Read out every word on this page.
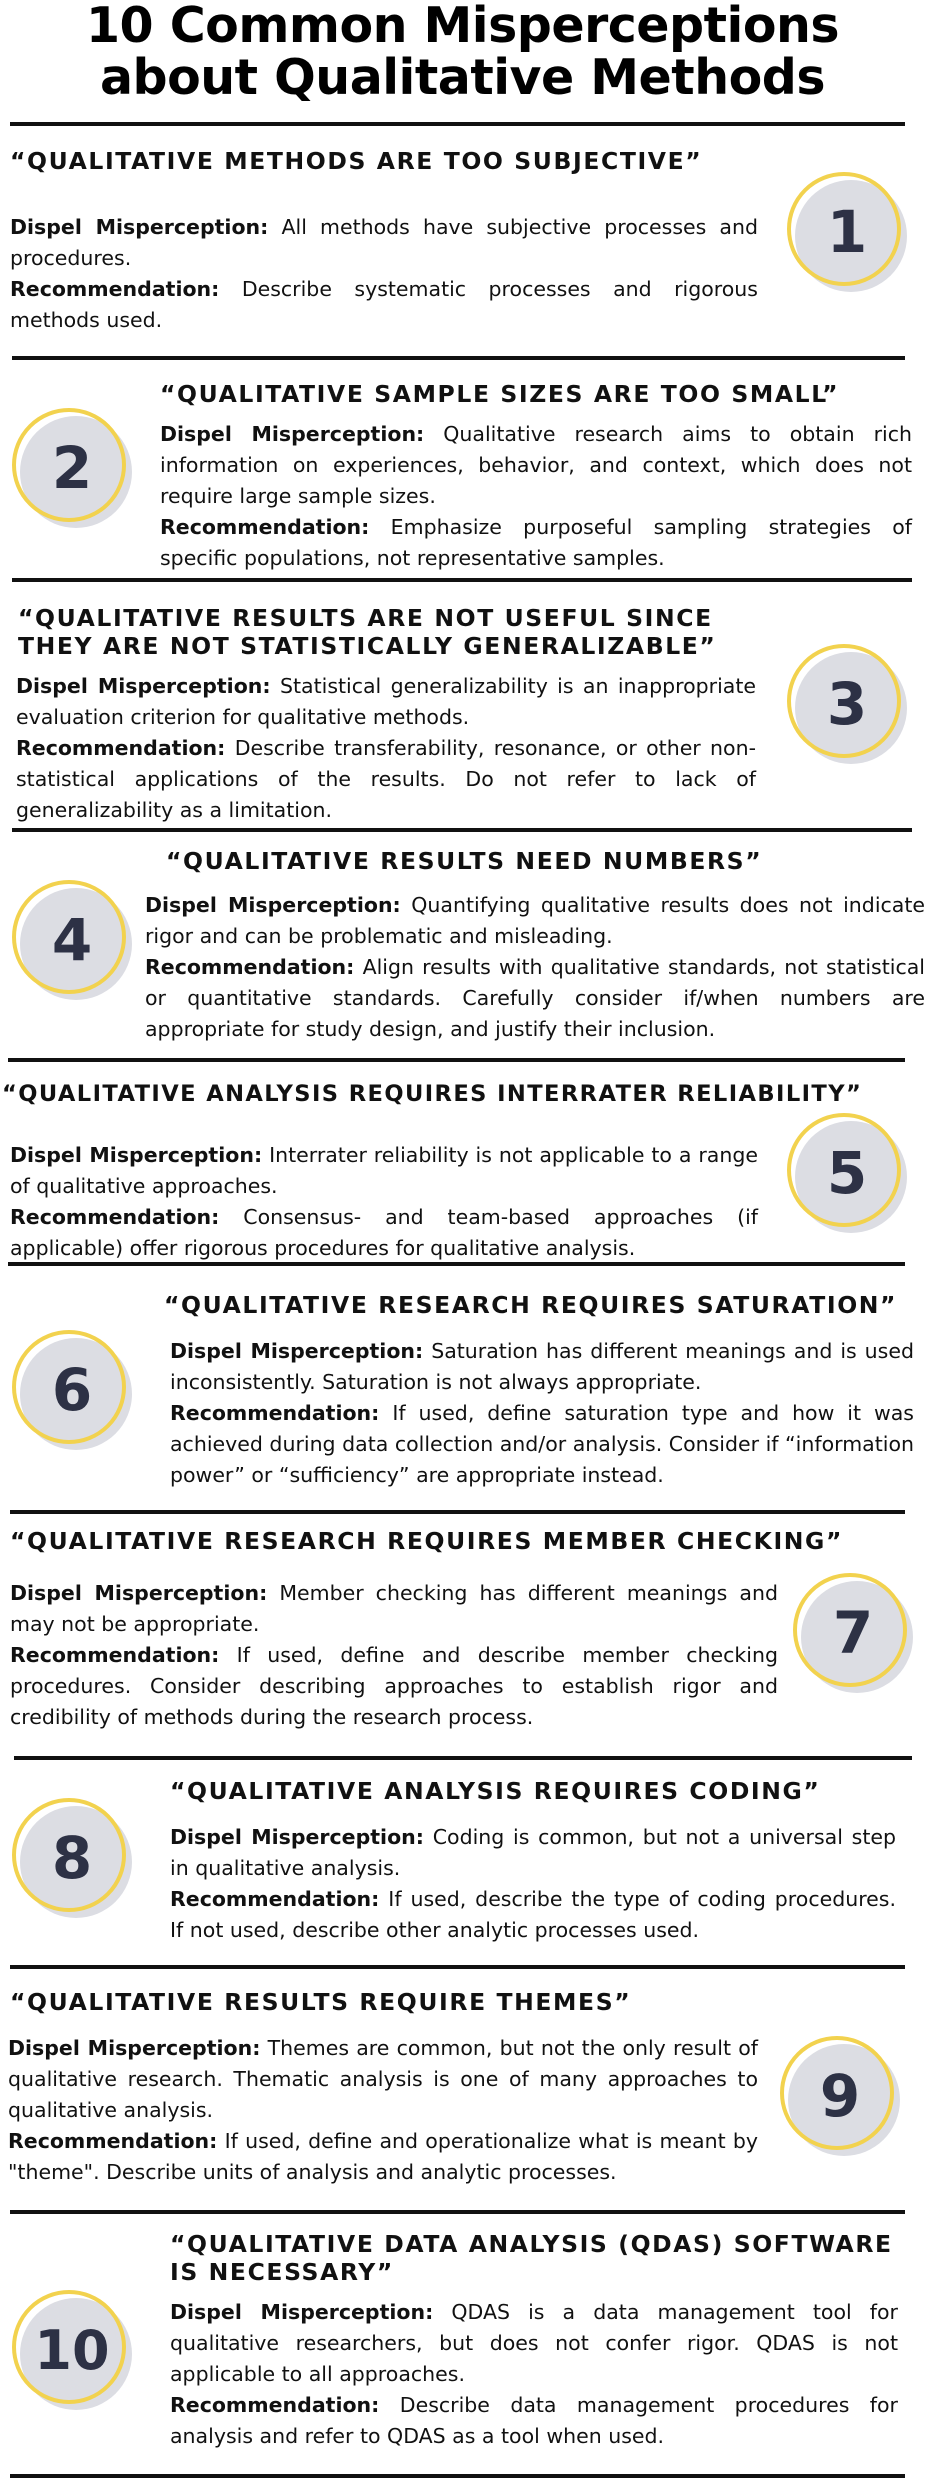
10 Common Misperceptions
about Qualitative Methods
“QUALITATIVE METHODS ARE TOO SUBJECTIVE”

Dispel Misperception: All methods have subjective processes and procedures.

Recommendation: Describe systematic processes and rigorous methods used.

1
“QUALITATIVE SAMPLE SIZES ARE TOO SMALL”

Dispel Misperception: Qualitative research aims to obtain rich information on experiences, behavior, and context, which does not require large sample sizes.

Recommendation: Emphasize purposeful sampling strategies of specific populations, not representative samples.

2
“QUALITATIVE RESULTS ARE NOT USEFUL SINCE THEY ARE NOT STATISTICALLY GENERALIZABLE”

Dispel Misperception: Statistical generalizability is an inappropriate evaluation criterion for qualitative methods.

Recommendation: Describe transferability, resonance, or other non-statistical applications of the results. Do not refer to lack of generalizability as a limitation.

3
“QUALITATIVE RESULTS NEED NUMBERS”

Dispel Misperception: Quantifying qualitative results does not indicate rigor and can be problematic and misleading.

Recommendation: Align results with qualitative standards, not statistical or quantitative standards. Carefully consider if/when numbers are appropriate for study design, and justify their inclusion.

4
“QUALITATIVE ANALYSIS REQUIRES INTERRATER RELIABILITY”

Dispel Misperception: Interrater reliability is not applicable to a range of qualitative approaches.

Recommendation: Consensus- and team-based approaches (if applicable) offer rigorous procedures for qualitative analysis.

5
“QUALITATIVE RESEARCH REQUIRES SATURATION”

Dispel Misperception: Saturation has different meanings and is used inconsistently. Saturation is not always appropriate.

Recommendation: If used, define saturation type and how it was achieved during data collection and/or analysis. Consider if “information power” or “sufficiency” are appropriate instead.

6
“QUALITATIVE RESEARCH REQUIRES MEMBER CHECKING”

Dispel Misperception: Member checking has different meanings and may not be appropriate.

Recommendation: If used, define and describe member checking procedures. Consider describing approaches to establish rigor and credibility of methods during the research process.

7
“QUALITATIVE ANALYSIS REQUIRES CODING”

Dispel Misperception: Coding is common, but not a universal step in qualitative analysis.

Recommendation: If used, describe the type of coding procedures. If not used, describe other analytic processes used.

8
“QUALITATIVE RESULTS REQUIRE THEMES”

Dispel Misperception: Themes are common, but not the only result of qualitative research. Thematic analysis is one of many approaches to qualitative analysis.

Recommendation: If used, define and operationalize what is meant by "theme". Describe units of analysis and analytic processes.

9
“QUALITATIVE DATA ANALYSIS (QDAS) SOFTWARE IS NECESSARY”

Dispel Misperception: QDAS is a data management tool for qualitative researchers, but does not confer rigor. QDAS is not applicable to all approaches.

Recommendation: Describe data management procedures for analysis and refer to QDAS as a tool when used.

10
